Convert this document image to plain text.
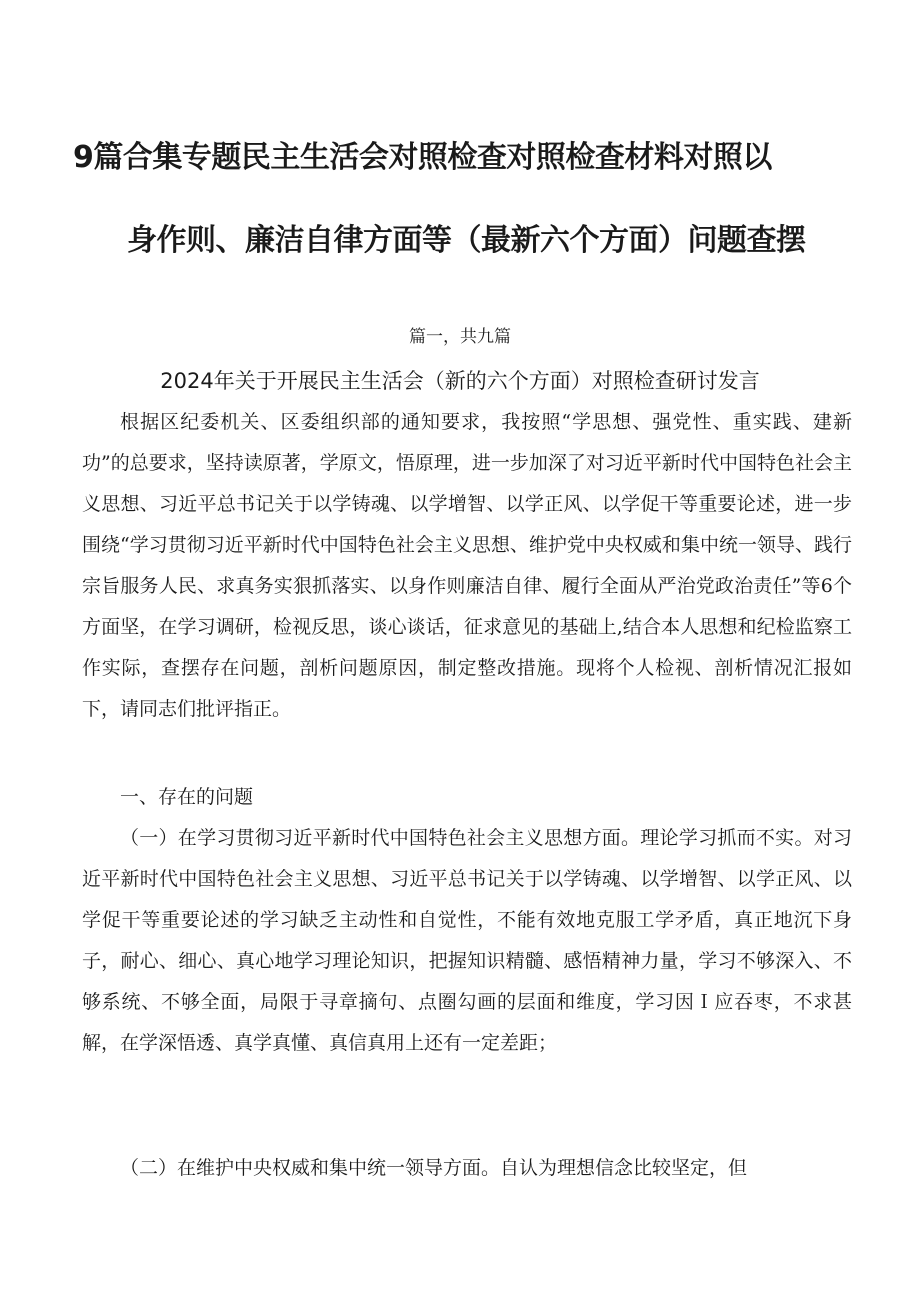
9篇合集专题民主生活会对照检查对照检查材料对照以
身作则、廉洁自律方面等（最新六个方面）问题查摆
篇一，共九篇
2024年关于开展民主生活会（新的六个方面）对照检查研讨发言

根据区纪委机关、区委组织部的通知要求，我按照“学思想、强党性、重实践、建新功”的总要求，坚持读原著，学原文，悟原理，进一步加深了对习近平新时代中国特色社会主义思想、习近平总书记关于以学铸魂、以学增智、以学正风、以学促干等重要论述，进一步围绕“学习贯彻习近平新时代中国特色社会主义思想、维护党中央权威和集中统一领导、践行宗旨服务人民、求真务实狠抓落实、以身作则廉洁自律、履行全面从严治党政治责任”等6个方面坚，在学习调研，检视反思，谈心谈话，征求意见的基础上,结合本人思想和纪检监察工作实际，查摆存在问题，剖析问题原因，制定整改措施。现将个人检视、剖析情况汇报如下，请同志们批评指正。

一、存在的问题

（一）在学习贯彻习近平新时代中国特色社会主义思想方面。理论学习抓而不实。对习近平新时代中国特色社会主义思想、习近平总书记关于以学铸魂、以学增智、以学正风、以学促干等重要论述的学习缺乏主动性和自觉性，不能有效地克服工学矛盾，真正地沉下身子，耐心、细心、真心地学习理论知识，把握知识精髓、感悟精神力量，学习不够深入、不够系统、不够全面，局限于寻章摘句、点圈勾画的层面和维度，学习因Ｉ应吞枣，不求甚解，在学深悟透、真学真懂、真信真用上还有一定差距；

（二）在维护中央权威和集中统一领导方面。自认为理想信念比较坚定，但
